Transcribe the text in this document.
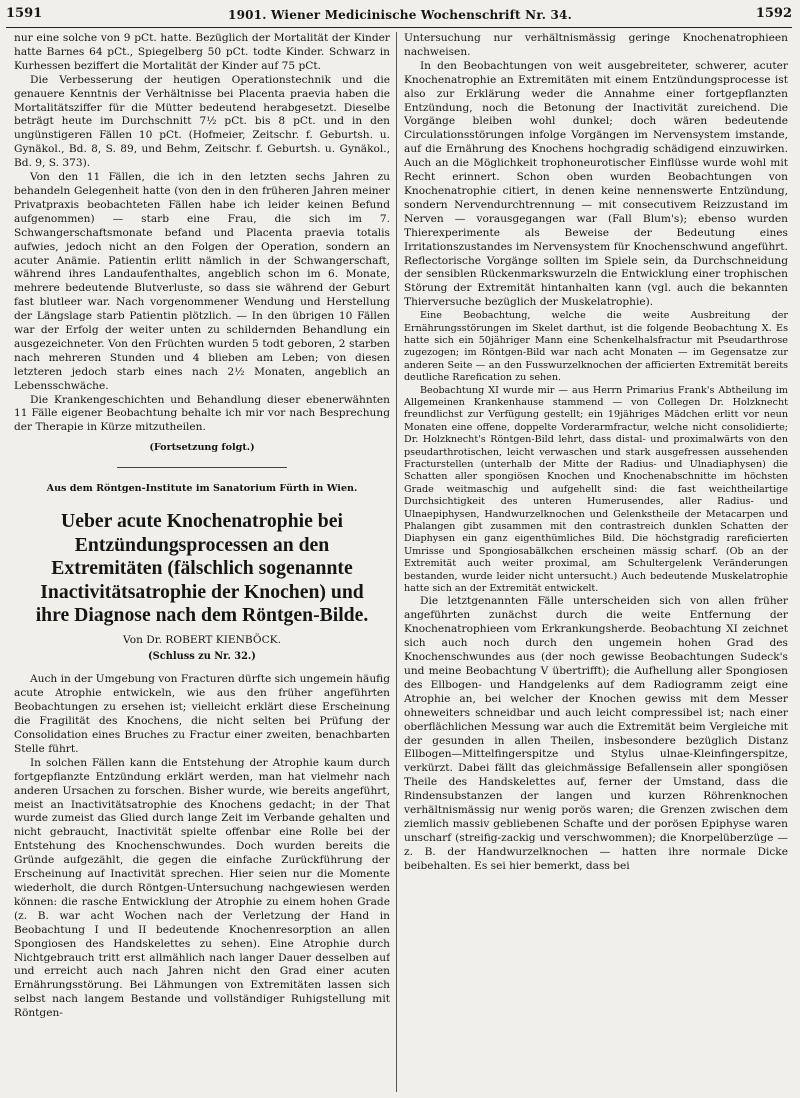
1591	1901. Wiener Medicinische Wochenschrift Nr. 34.	1592

nur eine solche von 9 pCt. hatte. Bezüglich der Mortalität der Kinder hatte Barnes 64 pCt., Spiegelberg 50 pCt. todte Kinder. Schwarz in Kurhessen beziffert die Mortalität der Kinder auf 75 pCt.

Die Verbesserung der heutigen Operationstechnik und die genauere Kenntnis der Verhältnisse bei Placenta praevia haben die Mortalitätsziffer für die Mütter bedeutend herabgesetzt. Dieselbe beträgt heute im Durchschnitt 7½ pCt. bis 8 pCt. und in den ungünstigeren Fällen 10 pCt. (Hofmeier, Zeitschr. f. Geburtsh. u. Gynäkol., Bd. 8, S. 89, und Behm, Zeitschr. f. Geburtsh. u. Gynäkol., Bd. 9, S. 373).

Von den 11 Fällen, die ich in den letzten sechs Jahren zu behandeln Gelegenheit hatte (von den in den früheren Jahren meiner Privatpraxis beobachteten Fällen habe ich leider keinen Befund aufgenommen) — starb eine Frau, die sich im 7. Schwangerschaftsmonate befand und Placenta praevia totalis aufwies, jedoch nicht an den Folgen der Operation, sondern an acuter Anämie. Patientin erlitt nämlich in der Schwangerschaft, während ihres Landaufenthaltes, angeblich schon im 6. Monate, mehrere bedeutende Blutverluste, so dass sie während der Geburt fast blutleer war. Nach vorgenommener Wendung und Herstellung der Längslage starb Patientin plötzlich. — In den übrigen 10 Fällen war der Erfolg der weiter unten zu schildernden Behandlung ein ausgezeichneter. Von den Früchten wurden 5 todt geboren, 2 starben nach mehreren Stunden und 4 blieben am Leben; von diesen letzteren jedoch starb eines nach 2½ Monaten, angeblich an Lebensschwäche.

Die Krankengeschichten und Behandlung dieser ebenerwähnten 11 Fälle eigener Beobachtung behalte ich mir vor nach Besprechung der Therapie in Kürze mitzutheilen.

(Fortsetzung folgt.)

Aus dem Röntgen-Institute im Sanatorium Fürth in Wien.

Ueber acute Knochenatrophie bei Entzündungsprocessen an den Extremitäten (fälschlich sogenannte Inactivitätsatrophie der Knochen) und ihre Diagnose nach dem Röntgen-Bilde.

Von Dr. ROBERT KIENBÖCK.

(Schluss zu Nr. 32.)

Auch in der Umgebung von Fracturen dürfte sich ungemein häufig acute Atrophie entwickeln, wie aus den früher angeführten Beobachtungen zu ersehen ist; vielleicht erklärt diese Erscheinung die Fragilität des Knochens, die nicht selten bei Prüfung der Consolidation eines Bruches zu Fractur einer zweiten, benachbarten Stelle führt.

In solchen Fällen kann die Entstehung der Atrophie kaum durch fortgepflanzte Entzündung erklärt werden, man hat vielmehr nach anderen Ursachen zu forschen. Bisher wurde, wie bereits angeführt, meist an Inactivitätsatrophie des Knochens gedacht; in der That wurde zumeist das Glied durch lange Zeit im Verbande gehalten und nicht gebraucht, Inactivität spielte offenbar eine Rolle bei der Entstehung des Knochenschwundes. Doch wurden bereits die Gründe aufgezählt, die gegen die einfache Zurückführung der Erscheinung auf Inactivität sprechen. Hier seien nur die Momente wiederholt, die durch Röntgen-Untersuchung nachgewiesen werden können: die rasche Entwicklung der Atrophie zu einem hohen Grade (z. B. war acht Wochen nach der Verletzung der Hand in Beobachtung I und II bedeutende Knochenresorption an allen Spongiosen des Handskelettes zu sehen). Eine Atrophie durch Nichtgebrauch tritt erst allmählich nach langer Dauer desselben auf und erreicht auch nach Jahren nicht den Grad einer acuten Ernährungsstörung. Bei Lähmungen von Extremitäten lassen sich selbst nach langem Bestande und vollständiger Ruhigstellung mit Röntgen-

Untersuchung nur verhältnismässig geringe Knochenatrophieen nachweisen.

In den Beobachtungen von weit ausgebreiteter, schwerer, acuter Knochenatrophie an Extremitäten mit einem Entzündungsprocesse ist also zur Erklärung weder die Annahme einer fortgepflanzten Entzündung, noch die Betonung der Inactivität zureichend. Die Vorgänge bleiben wohl dunkel; doch wären bedeutende Circulationsstörungen infolge Vorgängen im Nervensystem imstande, auf die Ernährung des Knochens hochgradig schädigend einzuwirken. Auch an die Möglichkeit trophoneurotischer Einflüsse wurde wohl mit Recht erinnert. Schon oben wurden Beobachtungen von Knochenatrophie citiert, in denen keine nennenswerte Entzündung, sondern Nervendurchtrennung — mit consecutivem Reizzustand im Nerven — vorausgegangen war (Fall Blum's); ebenso wurden Thierexperimente als Beweise der Bedeutung eines Irritationszustandes im Nervensystem für Knochenschwund angeführt. Reflectorische Vorgänge sollten im Spiele sein, da Durchschneidung der sensiblen Rückenmarkswurzeln die Entwicklung einer trophischen Störung der Extremität hintanhalten kann (vgl. auch die bekannten Thierversuche bezüglich der Muskelatrophie).

Eine Beobachtung, welche die weite Ausbreitung der Ernährungsstörungen im Skelet darthut, ist die folgende Beobachtung X. Es hatte sich ein 50jähriger Mann eine Schenkelhalsfractur mit Pseudarthrose zugezogen; im Röntgen-Bild war nach acht Monaten — im Gegensatze zur anderen Seite — an den Fusswurzelknochen der afficierten Extremität bereits deutliche Rarefication zu sehen.

Beobachtung XI wurde mir — aus Herrn Primarius Frank's Abtheilung im Allgemeinen Krankenhause stammend — von Collegen Dr. Holzknecht freundlichst zur Verfügung gestellt; ein 19jähriges Mädchen erlitt vor neun Monaten eine offene, doppelte Vorderarmfractur, welche nicht consolidierte; Dr. Holzknecht's Röntgen-Bild lehrt, dass distal- und proximalwärts von den pseudarthrotischen, leicht verwaschen und stark ausgefressen aussehenden Fracturstellen (unterhalb der Mitte der Radius- und Ulnadiaphysen) die Schatten aller spongiösen Knochen und Knochenabschnitte im höchsten Grade weitmaschig und aufgehellt sind: die fast weichtheilartige Durchsichtigkeit des unteren Humerusendes, aller Radius- und Ulnaepiphysen, Handwurzelknochen und Gelenkstheile der Metacarpen und Phalangen gibt zusammen mit den contrastreich dunklen Schatten der Diaphysen ein ganz eigenthümliches Bild. Die höchstgradig rareficierten Umrisse und Spongiosabälkchen erscheinen mässig scharf. (Ob an der Extremität auch weiter proximal, am Schultergelenk Veränderungen bestanden, wurde leider nicht untersucht.) Auch bedeutende Muskelatrophie hatte sich an der Extremität entwickelt.

Die letztgenannten Fälle unterscheiden sich von allen früher angeführten zunächst durch die weite Entfernung der Knochenatrophieen vom Erkrankungsherde. Beobachtung XI zeichnet sich auch noch durch den ungemein hohen Grad des Knochenschwundes aus (der noch gewisse Beobachtungen Sudeck's und meine Beobachtung V übertrifft); die Aufhellung aller Spongiosen des Ellbogen- und Handgelenks auf dem Radiogramm zeigt eine Atrophie an, bei welcher der Knochen gewiss mit dem Messer ohneweiters schneidbar und auch leicht compressibel ist; nach einer oberflächlichen Messung war auch die Extremität beim Vergleiche mit der gesunden in allen Theilen, insbesondere bezüglich Distanz Ellbogen—Mittelfingerspitze und Stylus ulnae-Kleinfingerspitze, verkürzt. Dabei fällt das gleichmässige Befallensein aller spongiösen Theile des Handskelettes auf, ferner der Umstand, dass die Rindensubstanzen der langen und kurzen Röhrenknochen verhältnismässig nur wenig porös waren; die Grenzen zwischen dem ziemlich massiv gebliebenen Schafte und der porösen Epiphyse waren unscharf (streifig-zackig und verschwommen); die Knorpelüberzüge — z. B. der Handwurzelknochen — hatten ihre normale Dicke beibehalten. Es sei hier bemerkt, dass bei
